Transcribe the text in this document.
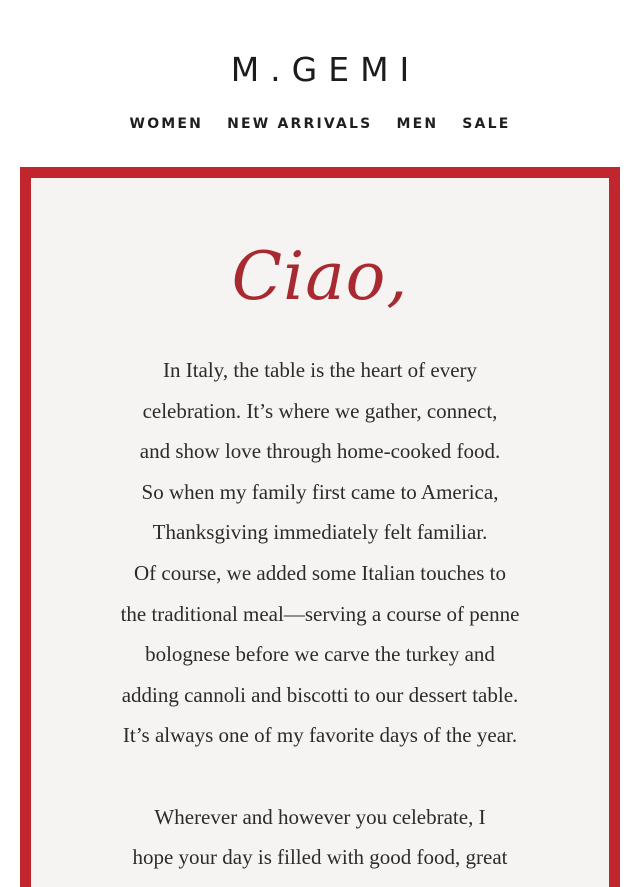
M.GEMI
WOMEN NEW ARRIVALS MEN SALE
Ciao,

In Italy, the table is the heart of every

celebration. It’s where we gather, connect,

and show love through home-cooked food.

So when my family first came to America,

Thanksgiving immediately felt familiar.

Of course, we added some Italian touches to

the traditional meal—serving a course of penne

bolognese before we carve the turkey and

adding cannoli and biscotti to our dessert table.

It’s always one of my favorite days of the year.

Wherever and however you celebrate, I

hope your day is filled with good food, great
